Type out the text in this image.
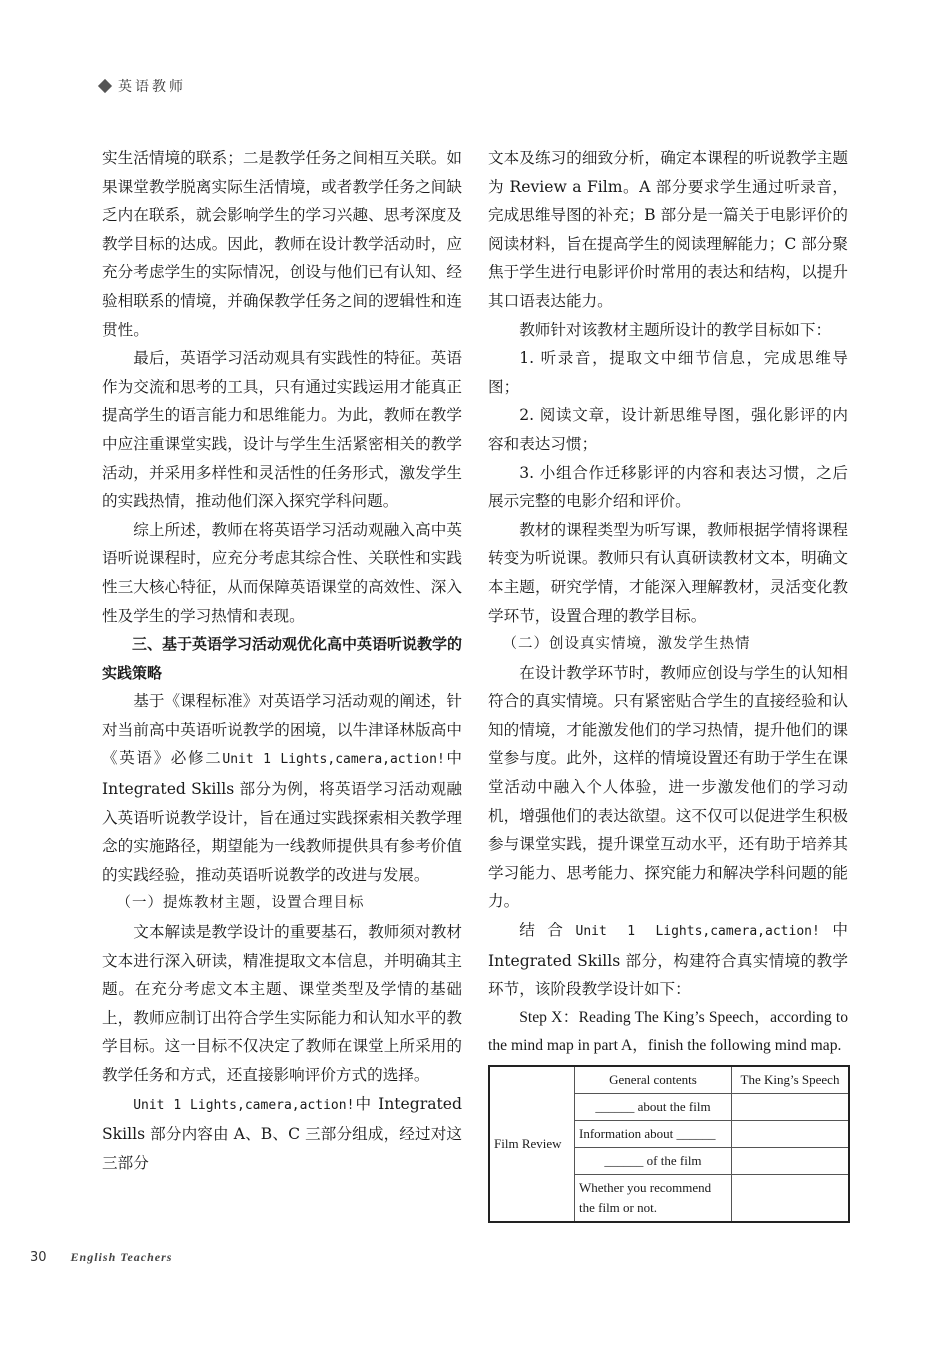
英语教师

实生活情境的联系；二是教学任务之间相互关联。如果课堂教学脱离实际生活情境，或者教学任务之间缺乏内在联系，就会影响学生的学习兴趣、思考深度及教学目标的达成。因此，教师在设计教学活动时，应充分考虑学生的实际情况，创设与他们已有认知、经验相联系的情境，并确保教学任务之间的逻辑性和连贯性。

最后，英语学习活动观具有实践性的特征。英语作为交流和思考的工具，只有通过实践运用才能真正提高学生的语言能力和思维能力。为此，教师在教学中应注重课堂实践，设计与学生生活紧密相关的教学活动，并采用多样性和灵活性的任务形式，激发学生的实践热情，推动他们深入探究学科问题。

综上所述，教师在将英语学习活动观融入高中英语听说课程时，应充分考虑其综合性、关联性和实践性三大核心特征，从而保障英语课堂的高效性、深入性及学生的学习热情和表现。

三、基于英语学习活动观优化高中英语听说教学的实践策略

基于《课程标准》对英语学习活动观的阐述，针对当前高中英语听说教学的困境，以牛津译林版高中《英语》必修二Unit 1 Lights,camera,action!中 Integrated Skills 部分为例，将英语学习活动观融入英语听说教学设计，旨在通过实践探索相关教学理念的实施路径，期望能为一线教师提供具有参考价值的实践经验，推动英语听说教学的改进与发展。

（一）提炼教材主题，设置合理目标

文本解读是教学设计的重要基石，教师须对教材文本进行深入研读，精准提取文本信息，并明确其主题。在充分考虑文本主题、课堂类型及学情的基础上，教师应制订出符合学生实际能力和认知水平的教学目标。这一目标不仅决定了教师在课堂上所采用的教学任务和方式，还直接影响评价方式的选择。

Unit 1 Lights,camera,action!中 Integrated Skills 部分内容由 A、B、C 三部分组成，经过对这三部分

文本及练习的细致分析，确定本课程的听说教学主题为 Review a Film。A 部分要求学生通过听录音，完成思维导图的补充；B 部分是一篇关于电影评价的阅读材料，旨在提高学生的阅读理解能力；C 部分聚焦于学生进行电影评价时常用的表达和结构，以提升其口语表达能力。

教师针对该教材主题所设计的教学目标如下：

1. 听录音，提取文中细节信息，完成思维导图；

2. 阅读文章，设计新思维导图，强化影评的内容和表达习惯；

3. 小组合作迁移影评的内容和表达习惯，之后展示完整的电影介绍和评价。

教材的课程类型为听写课，教师根据学情将课程转变为听说课。教师只有认真研读教材文本，明确文本主题，研究学情，才能深入理解教材，灵活变化教学环节，设置合理的教学目标。

（二）创设真实情境，激发学生热情

在设计教学环节时，教师应创设与学生的认知相符合的真实情境。只有紧密贴合学生的直接经验和认知的情境，才能激发他们的学习热情，提升他们的课堂参与度。此外，这样的情境设置还有助于学生在课堂活动中融入个人体验，进一步激发他们的学习动机，增强他们的表达欲望。这不仅可以促进学生积极参与课堂实践，提升课堂互动水平，还有助于培养其学习能力、思考能力、探究能力和解决学科问题的能力。

结合Unit 1 Lights,camera,action!中 Integrated Skills 部分，构建符合真实情境的教学环节，该阶段教学设计如下：

Step X：Reading The King’s Speech，according to the mind map in part A，finish the following mind map.

Film Review	General contents	The King’s Speech
	______ about the film	
	Information about ______	
	______ of the film	
	Whether you recommend the film or not.	
30 English Teachers
